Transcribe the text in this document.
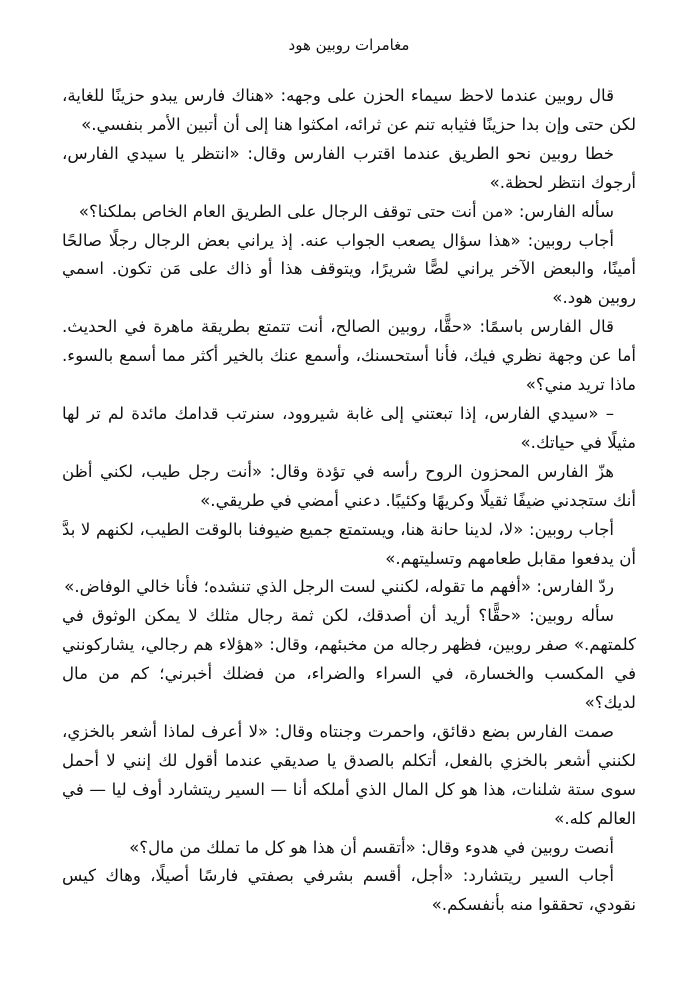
مغامرات روبين هود

قال روبين عندما لاحظ سيماء الحزن على وجهه: «هناك فارس يبدو حزينًا للغاية، لكن حتى وإن بدا حزينًا فثيابه تنم عن ثرائه، امكثوا هنا إلى أن أتبين الأمر بنفسي.»

خطا روبين نحو الطريق عندما اقترب الفارس وقال: «انتظر يا سيدي الفارس، أرجوك انتظر لحظة.»

سأله الفارس: «من أنت حتى توقف الرجال على الطريق العام الخاص بملكنا؟»

أجاب روبين: «هذا سؤال يصعب الجواب عنه. إذ يراني بعض الرجال رجلًا صالحًا أمينًا، والبعض الآخر يراني لصًّا شريرًا، ويتوقف هذا أو ذاك على مَن تكون. اسمي روبين هود.»

قال الفارس باسمًا: «حقًّا، روبين الصالح، أنت تتمتع بطريقة ماهرة في الحديث. أما عن وجهة نظري فيك، فأنا أستحسنك، وأسمع عنك بالخير أكثر مما أسمع بالسوء. ماذا تريد مني؟»

– «سيدي الفارس، إذا تبعتني إلى غابة شيروود، سنرتب قدامك مائدة لم تر لها مثيلًا في حياتك.»

هزّ الفارس المحزون الروح رأسه في تؤدة وقال: «أنت رجل طيب، لكني أظن أنك ستجدني ضيفًا ثقيلًا وكريهًا وكئيبًا. دعني أمضي في طريقي.»

أجاب روبين: «لا، لدينا حانة هنا، ويستمتع جميع ضيوفنا بالوقت الطيب، لكنهم لا بدَّ أن يدفعوا مقابل طعامهم وتسليتهم.»

ردّ الفارس: «أفهم ما تقوله، لكنني لست الرجل الذي تنشده؛ فأنا خالي الوفاض.»

سأله روبين: «حقًّا؟ أريد أن أصدقك، لكن ثمة رجال مثلك لا يمكن الوثوق في كلمتهم.» صفر روبين، فظهر رجاله من مخبئهم، وقال: «هؤلاء هم رجالي، يشاركونني في المكسب والخسارة، في السراء والضراء، من فضلك أخبرني؛ كم من مال لديك؟»

صمت الفارس بضع دقائق، واحمرت وجنتاه وقال: «لا أعرف لماذا أشعر بالخزي، لكنني أشعر بالخزي بالفعل، أتكلم بالصدق يا صديقي عندما أقول لك إنني لا أحمل سوى ستة شلنات، هذا هو كل المال الذي أملكه أنا — السير ريتشارد أوف ليا — في العالم كله.»

أنصت روبين في هدوء وقال: «أتقسم أن هذا هو كل ما تملك من مال؟»

أجاب السير ريتشارد: «أجل، أقسم بشرفي بصفتي فارسًا أصيلًا، وهاك كيس نقودي، تحققوا منه بأنفسكم.»
